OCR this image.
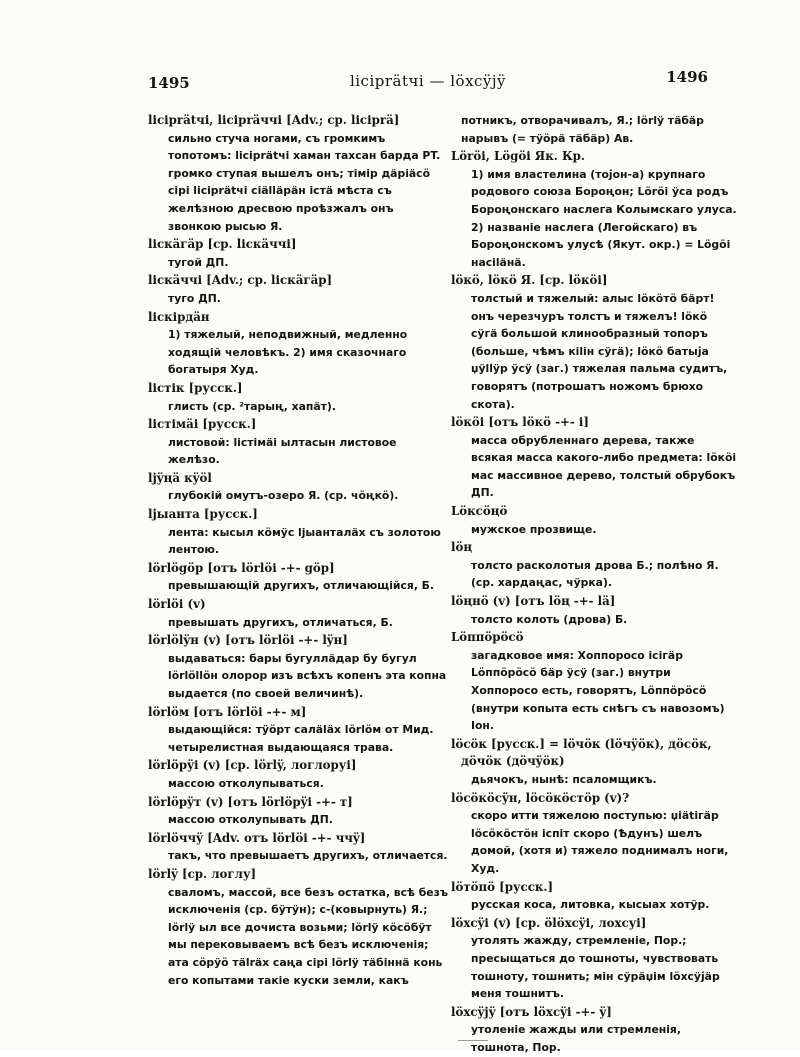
1495	lісірrätчі — lӧxсÿjÿ	1496
lісірrätчі, lісірräччі [Adv.; ср. lісірrä]
сильно стуча ногами, съ громкимъ топотомъ: lісірrätчі хаман тахсан барда PT. громко ступая вышелъ онъ; тiмiр дäрiäсӧ сiрi lісірrätчі сiälläрäн iстä мѣста съ желѣзною дресвою проѣзжалъ онъ звонкою рысью Я.
lіскäгäр [ср. lіскäччі]
тугой ДП.
lіскäччі [Adv.; ср. lіскäгäр]
туго ДП.
lіскірдäн
1) тяжелый, неподвижный, медленно ходящій человѣкъ. 2) имя сказочнаго богатыря Худ.
lістік [русск.]
глисть (ср. ²тарың, хапäт).
lістімäі [русск.]
листовой: lістімäі ылтасын листовое желѣзо.
ljÿңä кÿӧl
глубокій омутъ-озеро Я. (ср. чӧңкӧ).
ljыанта [русск.]
лента: кысыл кӧмÿс ljыанталäх съ золотою лентою.
lӧrlӧgӧр [отъ lӧrlӧі -+- gӧр]
превышающій другихъ, отличающійся, Б.
lӧrlӧі (v)
превышать другихъ, отличаться, Б.
lӧrlӧlÿн (v) [отъ lӧrlӧі -+- lÿн]
выдаваться: бары бугуллäдар бу бугул lӧrlӧllӧн олорор изъ всѣхъ копенъ эта копна выдается (по своей величинѣ).
lӧrlӧм [отъ lӧrlӧі -+- м]
выдающійся: тÿӧрт салäläх lӧrlӧм от Мид. четырелистная выдающаяся трава.
lӧrlӧрÿі (v) [ср. lӧrlÿ, логлоруі]
массою отколупываться.
lӧrlӧрÿт (v) [отъ lӧrlӧрÿі -+- т]
массою отколупывать ДП.
lӧrlӧччÿ [Adv. отъ lӧrlӧі -+- ччÿ]
такъ, что превышаетъ другихъ, отличается.
lӧrlÿ [ср. логлу]
сваломъ, массой, все безъ остатка, всѣ безъ исключенія (ср. бÿтÿн); с-(ковырнуть) Я.; lӧrlÿ ыл все дочиста возьми; lӧrlÿ кӧсӧбÿт мы перековываемъ всѣ безъ исключенія; ата сӧрÿӧ тälräх саңа сiрi lӧrlÿ тäбiннä конь его копытами такіе куски земли, какъ
потникъ, отворачивалъ, Я.; lӧrlÿ тäбäр нарывъ (= тÿӧрä тäбäр) Ав.
Lӧrӧі, Lӧgӧі Як. Кр.
1) имя властелина (тојон-а) крупнаго родового союза Бороңон; Lӧrӧі ÿса родъ Бороңонскаго наслега Колымскаго улуса. 2) названіе наслега (Легойскаго) въ Бороңонскомъ улусѣ (Якут. окр.) = Lӧgӧі насiläнä.
lӧкӧ, lӧкӧ Я. [ср. lӧкӧі]
толстый и тяжелый: алыс lӧкӧтӧ бäрт! онъ черезчуръ толстъ и тяжелъ! lӧкӧ сÿгä большой клинообразный топоръ (больше, чѣмъ кiliн сÿгä); lӧкӧ батыја џÿllÿр ÿсÿ (заг.) тяжелая пальма судитъ, говорятъ (потрошатъ ножомъ брюхо скота).
lӧкӧі [отъ lӧкӧ -+- і]
масса обрубленнаго дерева, также всякая масса какого-либо предмета: lӧкӧі мас массивное дерево, толстый обрубокъ ДП.
Lӧксӧңӧ
мужское прозвище.
lӧң
толсто расколотыя дрова Б.; полѣно Я. (ср. хардаңас, чÿрка).
lӧңнӧ (v) [отъ lӧң -+- lä]
толсто колоть (дрова) Б.
Lӧппӧрӧсӧ
загадковое имя: Хоппоросо iсiгäр Lӧппӧрӧсӧ бäр ÿсÿ (заг.) внутри Хоппоросо есть, говорятъ, Lӧппӧрӧсӧ (внутри копыта есть снѣгъ съ навозомъ) Іон.
lӧсӧк [русск.] = lӧчӧк (lӧчÿӧк), дӧсӧк, дӧчӧк (дӧчÿӧк)
дьячокъ, нынѣ: псаломщикъ.
lӧсӧкӧсÿн, lӧсӧкӧстӧр (v)?
скоро итти тяжелою поступью: џiätiгäр lӧсӧкӧстӧн iспiт скоро (Ѣдунъ) шелъ домой, (хотя и) тяжело поднималъ ноги, Худ.
lӧтӧпӧ [русск.]
русская коса, литовка, кысыах хотÿр.
lӧхсÿі (v) [ср. ӧlӧхсÿі, лохсуі]
утолять жажду, стремленіе, Пор.; пресыщаться до тошноты, чувствовать тошноту, тошнить; мiн сÿрäџiм lӧхсÿјäр меня тошнитъ.
lӧхсÿjÿ [отъ lӧхсÿі -+- ÿ]
утоленіе жажды или стремленія, тошнота, Пор.
